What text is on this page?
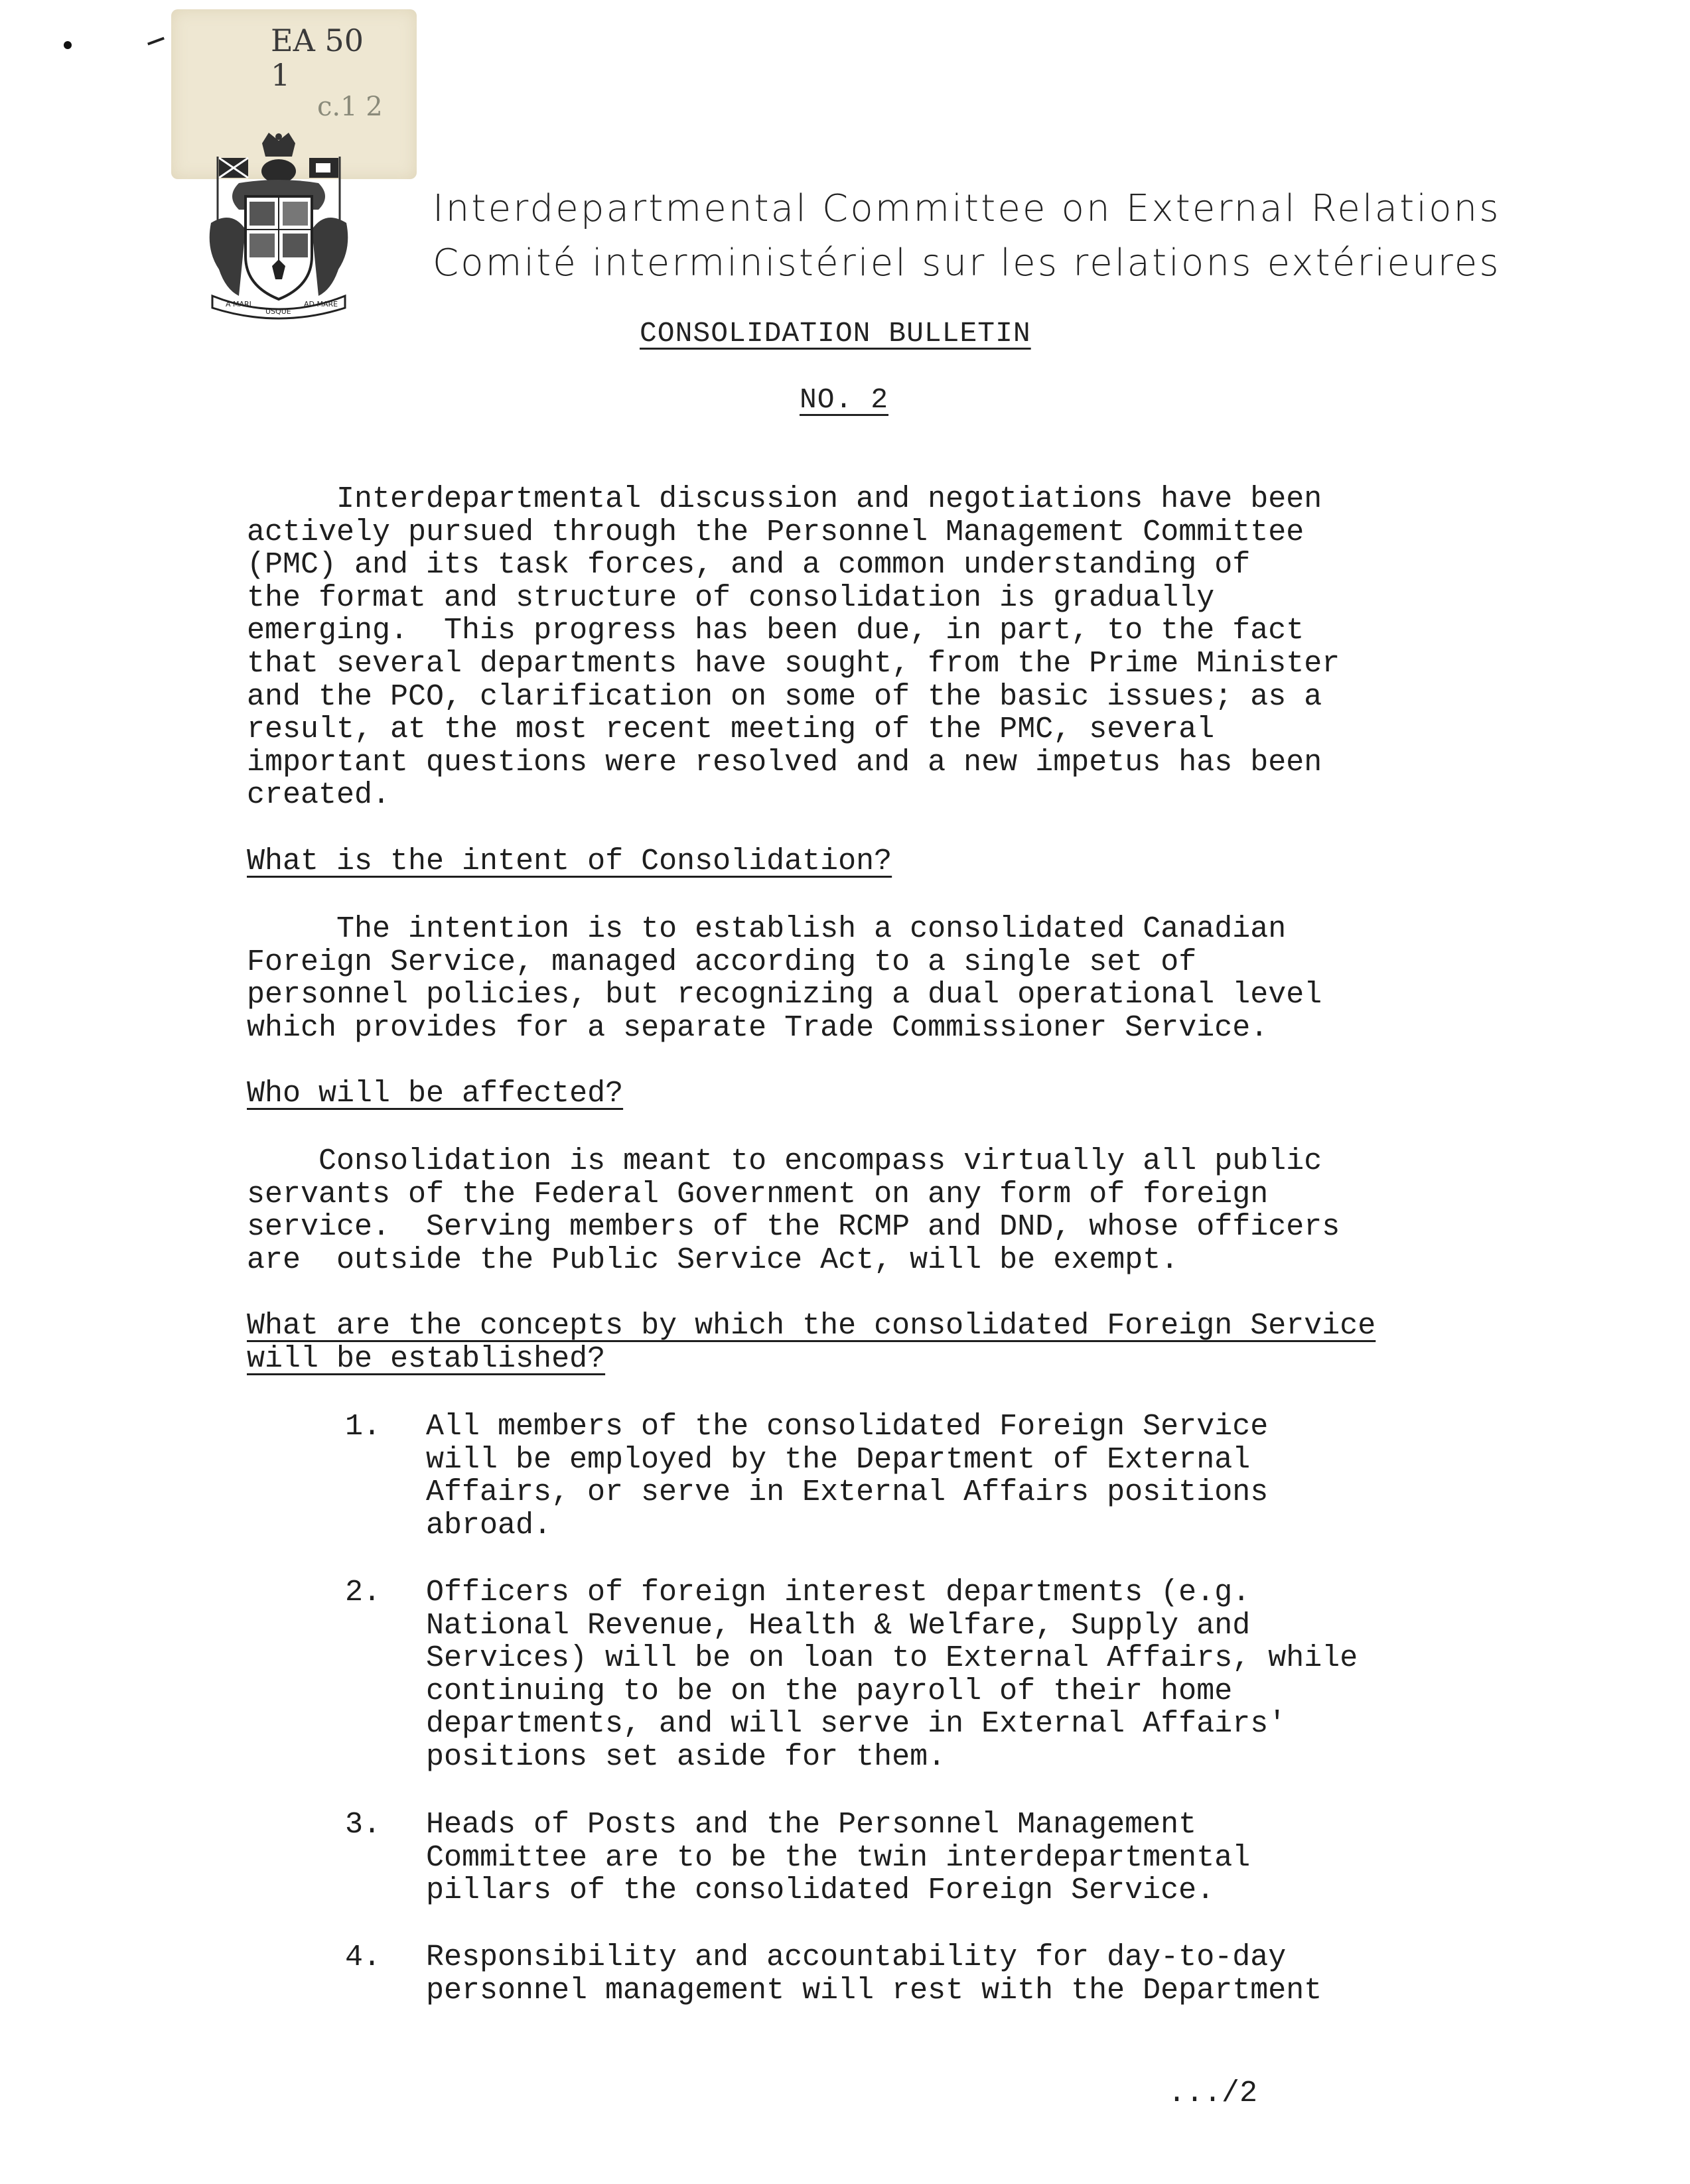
EA 50
1
c.1 2
A MARI
USQUE
AD MARE
Interdepartmental Committee on External Relations
Comité interministériel sur les relations extérieures
CONSOLIDATION BULLETIN
NO. 2
Interdepartmental discussion and negotiations have been
actively pursued through the Personnel Management Committee
(PMC) and its task forces, and a common understanding of
the format and structure of consolidation is gradually
emerging.  This progress has been due, in part, to the fact
that several departments have sought, from the Prime Minister
and the PCO, clarification on some of the basic issues; as a
result, at the most recent meeting of the PMC, several
important questions were resolved and a new impetus has been
created.
What is the intent of Consolidation?
The intention is to establish a consolidated Canadian
Foreign Service, managed according to a single set of
personnel policies, but recognizing a dual operational level
which provides for a separate Trade Commissioner Service.
Who will be affected?
Consolidation is meant to encompass virtually all public
servants of the Federal Government on any form of foreign
service.  Serving members of the RCMP and DND, whose officers
are  outside the Public Service Act, will be exempt.
What are the concepts by which the consolidated Foreign Service
will be established?
1. All members of the consolidated Foreign Service
will be employed by the Department of External
Affairs, or serve in External Affairs positions
abroad.
2. Officers of foreign interest departments (e.g.
National Revenue, Health & Welfare, Supply and
Services) will be on loan to External Affairs, while
continuing to be on the payroll of their home
departments, and will serve in External Affairs'
positions set aside for them.
3. Heads of Posts and the Personnel Management
Committee are to be the twin interdepartmental
pillars of the consolidated Foreign Service.
4. Responsibility and accountability for day-to-day
personnel management will rest with the Department
.../2
